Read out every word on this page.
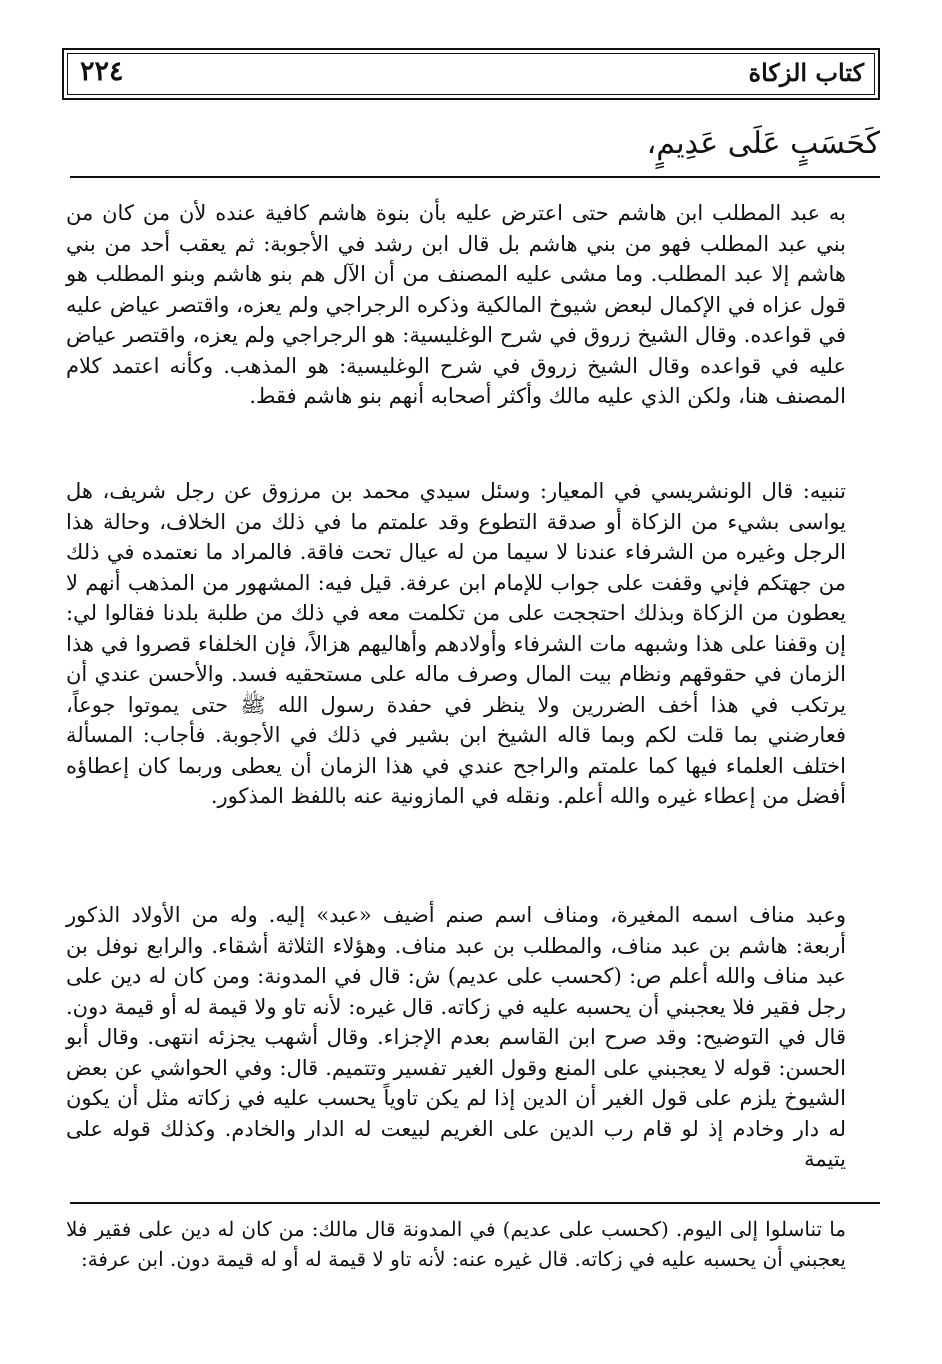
٢٢٤	كتاب الزكاة
كَحَسَبٍ عَلَى عَدِيمٍ،

به عبد المطلب ابن هاشم حتى اعترض عليه بأن بنوة هاشم كافية عنده لأن من كان من بني عبد المطلب فهو من بني هاشم بل قال ابن رشد في الأجوبة: ثم يعقب أحد من بني هاشم إلا عبد المطلب. وما مشى عليه المصنف من أن الآل هم بنو هاشم وبنو المطلب هو قول عزاه في الإكمال لبعض شيوخ المالكية وذكره الرجراجي ولم يعزه، واقتصر عياض عليه في قواعده. وقال الشيخ زروق في شرح الوغليسية: هو الرجراجي ولم يعزه، واقتصر عياض عليه في قواعده وقال الشيخ زروق في شرح الوغليسية: هو المذهب. وكأنه اعتمد كلام المصنف هنا، ولكن الذي عليه مالك وأكثر أصحابه أنهم بنو هاشم فقط.

تنبيه: قال الونشريسي في المعيار: وسئل سيدي محمد بن مرزوق عن رجل شريف، هل يواسى بشيء من الزكاة أو صدقة التطوع وقد علمتم ما في ذلك من الخلاف، وحالة هذا الرجل وغيره من الشرفاء عندنا لا سيما من له عيال تحت فاقة. فالمراد ما نعتمده في ذلك من جهتكم فإني وقفت على جواب للإمام ابن عرفة. قيل فيه: المشهور من المذهب أنهم لا يعطون من الزكاة وبذلك احتججت على من تكلمت معه في ذلك من طلبة بلدنا فقالوا لي: إن وقفنا على هذا وشبهه مات الشرفاء وأولادهم وأهاليهم هزالاً، فإن الخلفاء قصروا في هذا الزمان في حقوقهم ونظام بيت المال وصرف ماله على مستحقيه فسد. والأحسن عندي أن يرتكب في هذا أخف الضررين ولا ينظر في حفدة رسول الله ﷺ حتى يموتوا جوعاً، فعارضني بما قلت لكم وبما قاله الشيخ ابن بشير في ذلك في الأجوبة. فأجاب: المسألة اختلف العلماء فيها كما علمتم والراجح عندي في هذا الزمان أن يعطى وربما كان إعطاؤه أفضل من إعطاء غيره والله أعلم. ونقله في المازونية عنه باللفظ المذكور.

وعبد مناف اسمه المغيرة، ومناف اسم صنم أضيف «عبد» إليه. وله من الأولاد الذكور أربعة: هاشم بن عبد مناف، والمطلب بن عبد مناف. وهؤلاء الثلاثة أشقاء. والرابع نوفل بن عبد مناف والله أعلم ص: (كحسب على عديم) ش: قال في المدونة: ومن كان له دين على رجل فقير فلا يعجبني أن يحسبه عليه في زكاته. قال غيره: لأنه تاو ولا قيمة له أو قيمة دون. قال في التوضيح: وقد صرح ابن القاسم بعدم الإجزاء. وقال أشهب يجزئه انتهى. وقال أبو الحسن: قوله لا يعجبني على المنع وقول الغير تفسير وتتميم. قال: وفي الحواشي عن بعض الشيوخ يلزم على قول الغير أن الدين إذا لم يكن تاوياً يحسب عليه في زكاته مثل أن يكون له دار وخادم إذ لو قام رب الدين على الغريم لبيعت له الدار والخادم. وكذلك قوله على يتيمة

ما تناسلوا إلى اليوم. (كحسب على عديم) في المدونة قال مالك: من كان له دين على فقير فلا يعجبني أن يحسبه عليه في زكاته. قال غيره عنه: لأنه تاو لا قيمة له أو له قيمة دون. ابن عرفة:
